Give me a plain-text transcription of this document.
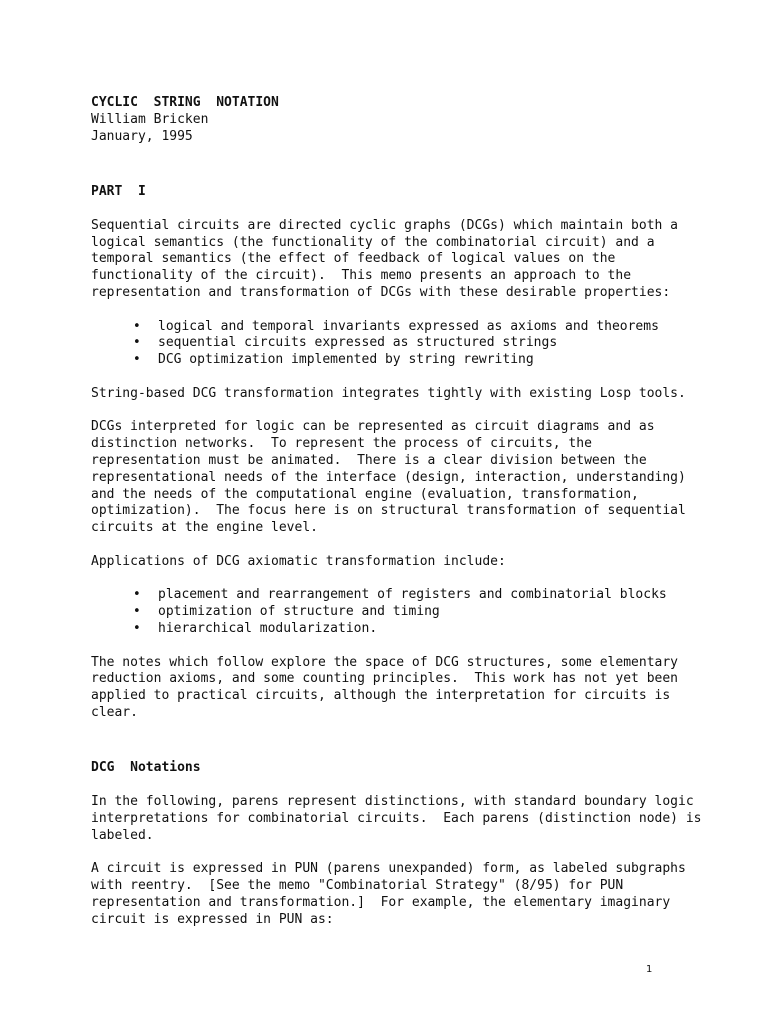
CYCLIC  STRING  NOTATION
William Bricken
January, 1995
PART  I
Sequential circuits are directed cyclic graphs (DCGs) which maintain both a
logical semantics (the functionality of the combinatorial circuit) and a
temporal semantics (the effect of feedback of logical values on the
functionality of the circuit).  This memo presents an approach to the
representation and transformation of DCGs with these desirable properties:
• logical and temporal invariants expressed as axioms and theorems
• sequential circuits expressed as structured strings
• DCG optimization implemented by string rewriting
String-based DCG transformation integrates tightly with existing Losp tools.
DCGs interpreted for logic can be represented as circuit diagrams and as
distinction networks.  To represent the process of circuits, the
representation must be animated.  There is a clear division between the
representational needs of the interface (design, interaction, understanding)
and the needs of the computational engine (evaluation, transformation,
optimization).  The focus here is on structural transformation of sequential
circuits at the engine level.
Applications of DCG axiomatic transformation include:
• placement and rearrangement of registers and combinatorial blocks
• optimization of structure and timing
• hierarchical modularization.
The notes which follow explore the space of DCG structures, some elementary
reduction axioms, and some counting principles.  This work has not yet been
applied to practical circuits, although the interpretation for circuits is
clear.
DCG  Notations
In the following, parens represent distinctions, with standard boundary logic
interpretations for combinatorial circuits.  Each parens (distinction node) is
labeled.
A circuit is expressed in PUN (parens unexpanded) form, as labeled subgraphs
with reentry.  [See the memo "Combinatorial Strategy" (8/95) for PUN
representation and transformation.]  For example, the elementary imaginary
circuit is expressed in PUN as:
1
